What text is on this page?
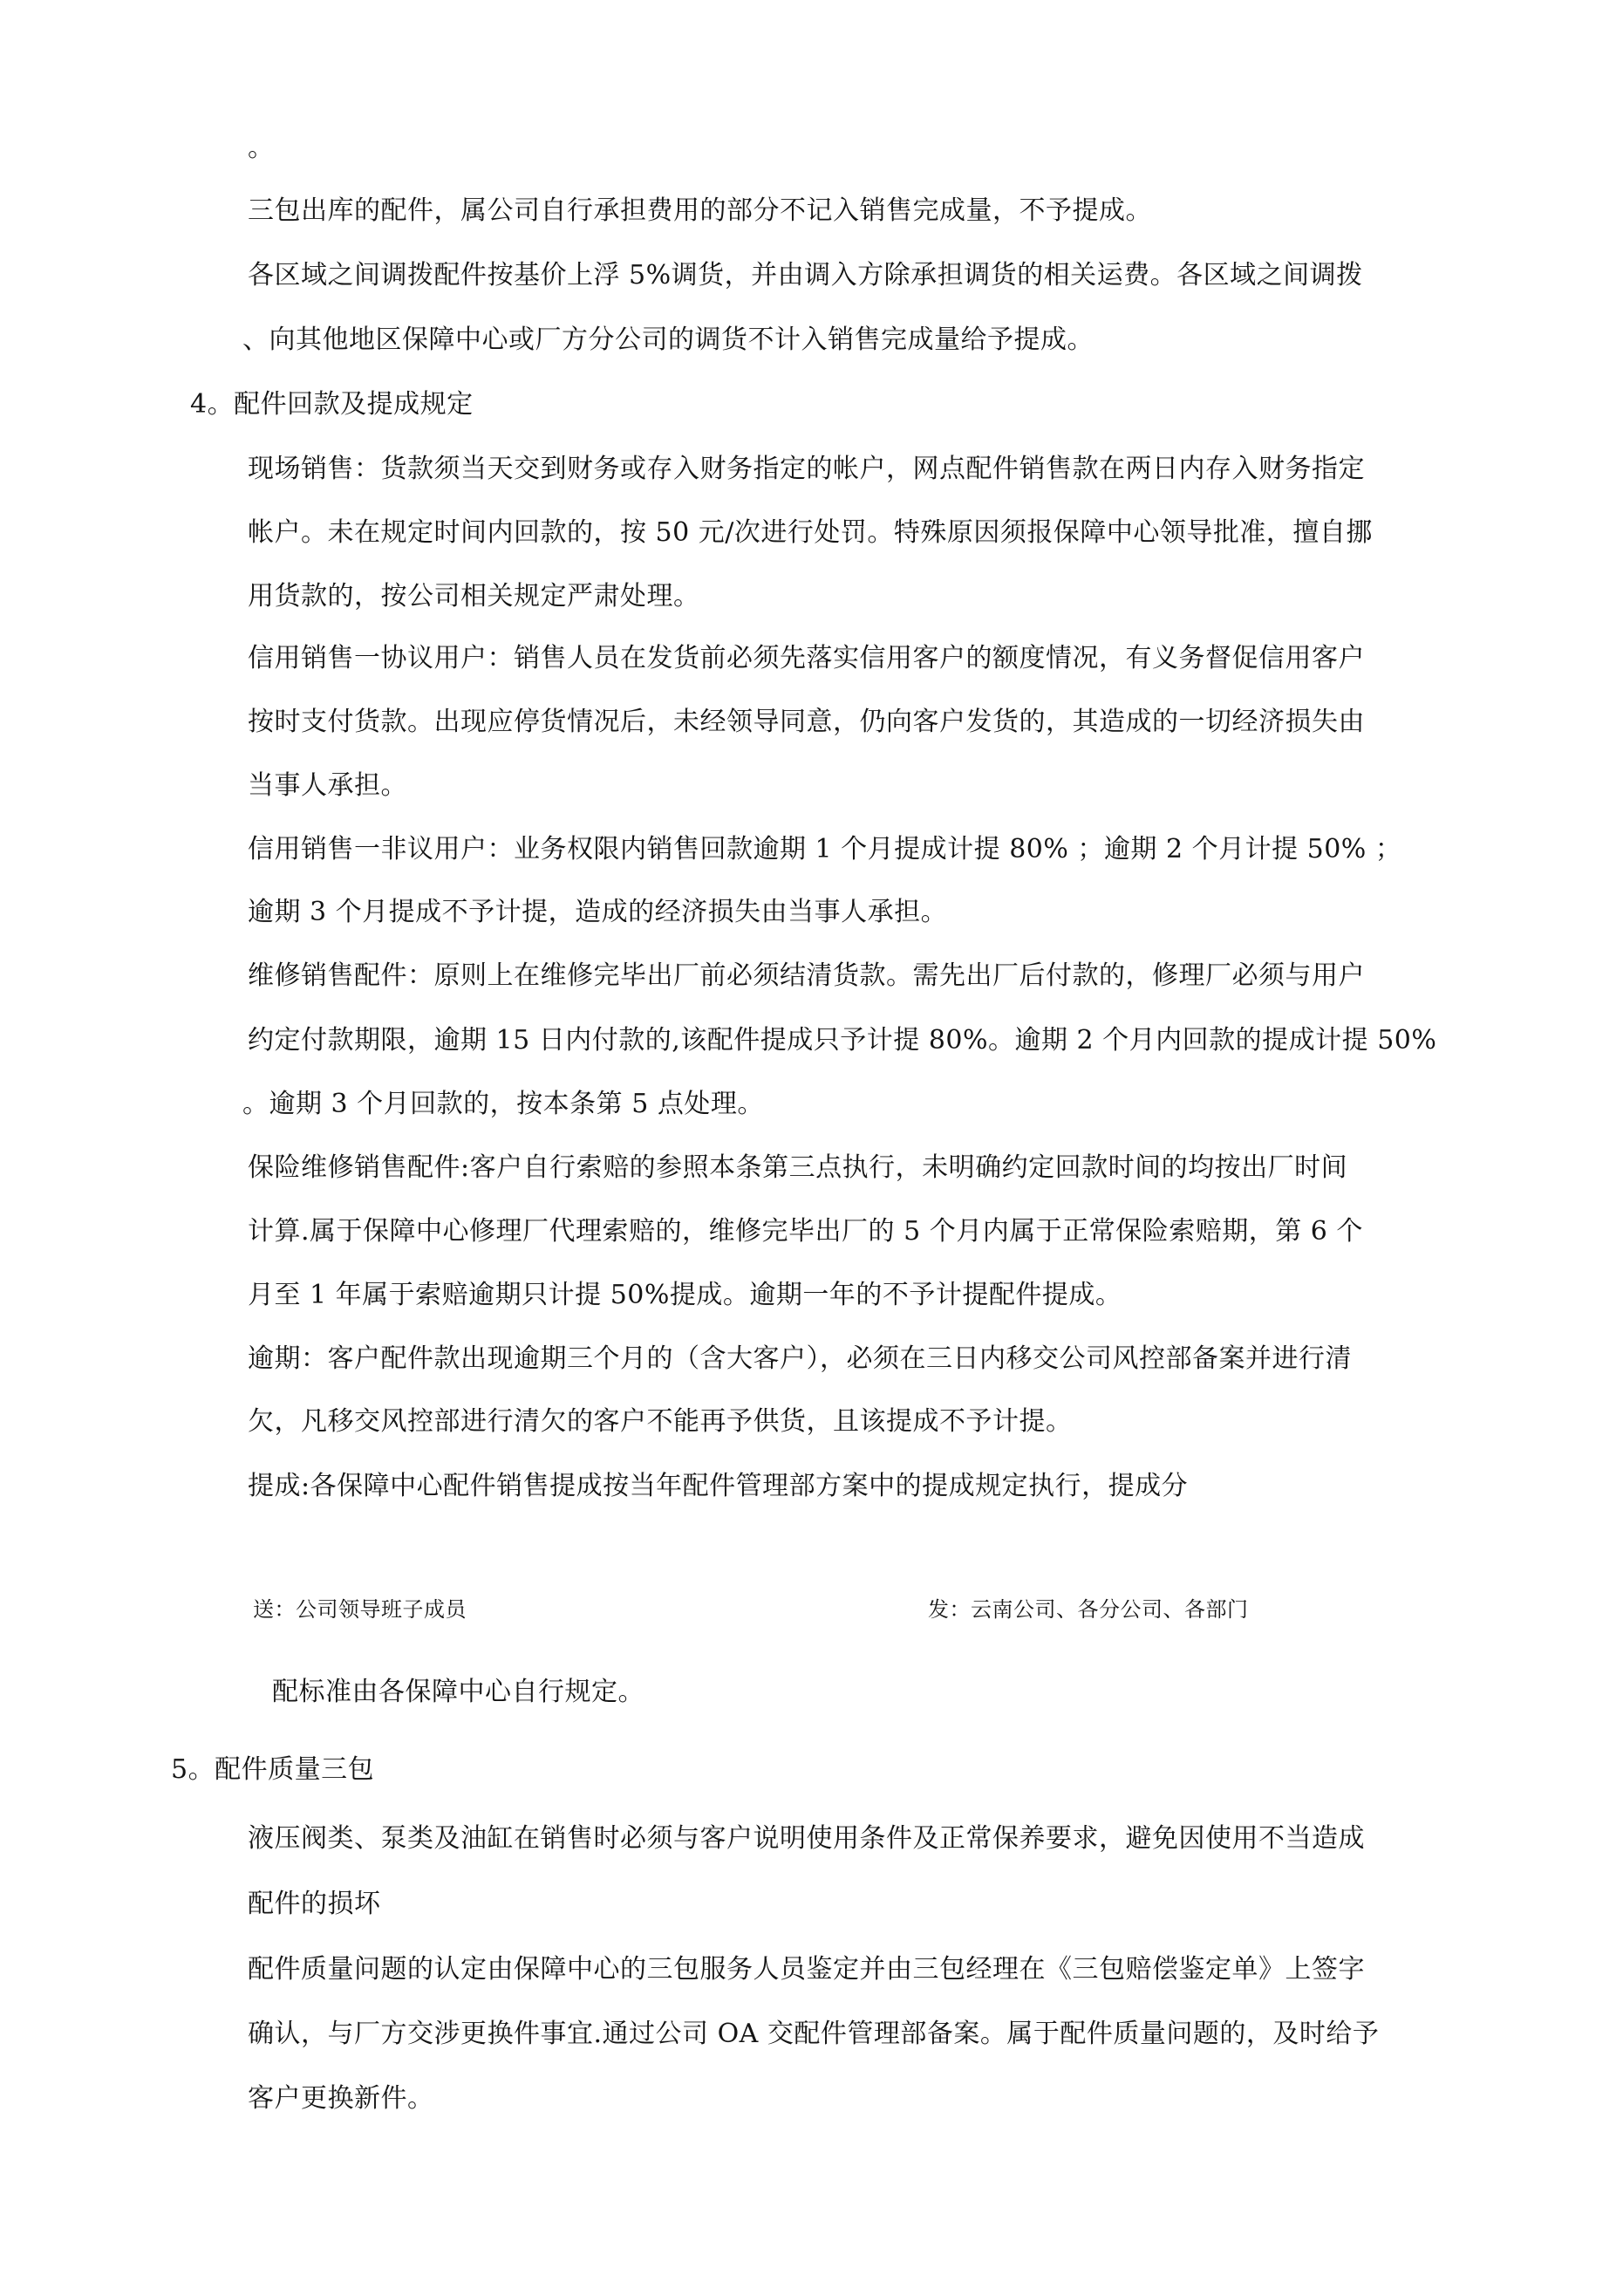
。
三包出库的配件，属公司自行承担费用的部分不记入销售完成量，不予提成。
各区域之间调拨配件按基价上浮 5%调货，并由调入方除承担调货的相关运费。各区域之间调拨
、向其他地区保障中心或厂方分公司的调货不计入销售完成量给予提成。
4。配件回款及提成规定
现场销售：货款须当天交到财务或存入财务指定的帐户，网点配件销售款在两日内存入财务指定
帐户。未在规定时间内回款的，按 50 元/次进行处罚。特殊原因须报保障中心领导批准，擅自挪
用货款的，按公司相关规定严肃处理。
信用销售一协议用户：销售人员在发货前必须先落实信用客户的额度情况，有义务督促信用客户
按时支付货款。出现应停货情况后，未经领导同意，仍向客户发货的，其造成的一切经济损失由
当事人承担。
信用销售一非议用户：业务权限内销售回款逾期 1 个月提成计提 80% ；逾期 2 个月计提 50% ；
逾期 3 个月提成不予计提，造成的经济损失由当事人承担。
维修销售配件：原则上在维修完毕出厂前必须结清货款。需先出厂后付款的，修理厂必须与用户
约定付款期限，逾期 15 日内付款的,该配件提成只予计提 80%。逾期 2 个月内回款的提成计提 50%
。逾期 3 个月回款的，按本条第 5 点处理。
保险维修销售配件:客户自行索赔的参照本条第三点执行，未明确约定回款时间的均按出厂时间
计算.属于保障中心修理厂代理索赔的，维修完毕出厂的 5 个月内属于正常保险索赔期，第 6 个
月至 1 年属于索赔逾期只计提 50%提成。逾期一年的不予计提配件提成。
逾期：客户配件款出现逾期三个月的（含大客户），必须在三日内移交公司风控部备案并进行清
欠，凡移交风控部进行清欠的客户不能再予供货，且该提成不予计提。
提成:各保障中心配件销售提成按当年配件管理部方案中的提成规定执行，提成分
送：公司领导班子成员	发：云南公司、各分公司、各部门
配标准由各保障中心自行规定。
5。配件质量三包
液压阀类、泵类及油缸在销售时必须与客户说明使用条件及正常保养要求，避免因使用不当造成
配件的损坏
配件质量问题的认定由保障中心的三包服务人员鉴定并由三包经理在《三包赔偿鉴定单》上签字
确认，与厂方交涉更换件事宜.通过公司 OA 交配件管理部备案。属于配件质量问题的，及时给予
客户更换新件。
